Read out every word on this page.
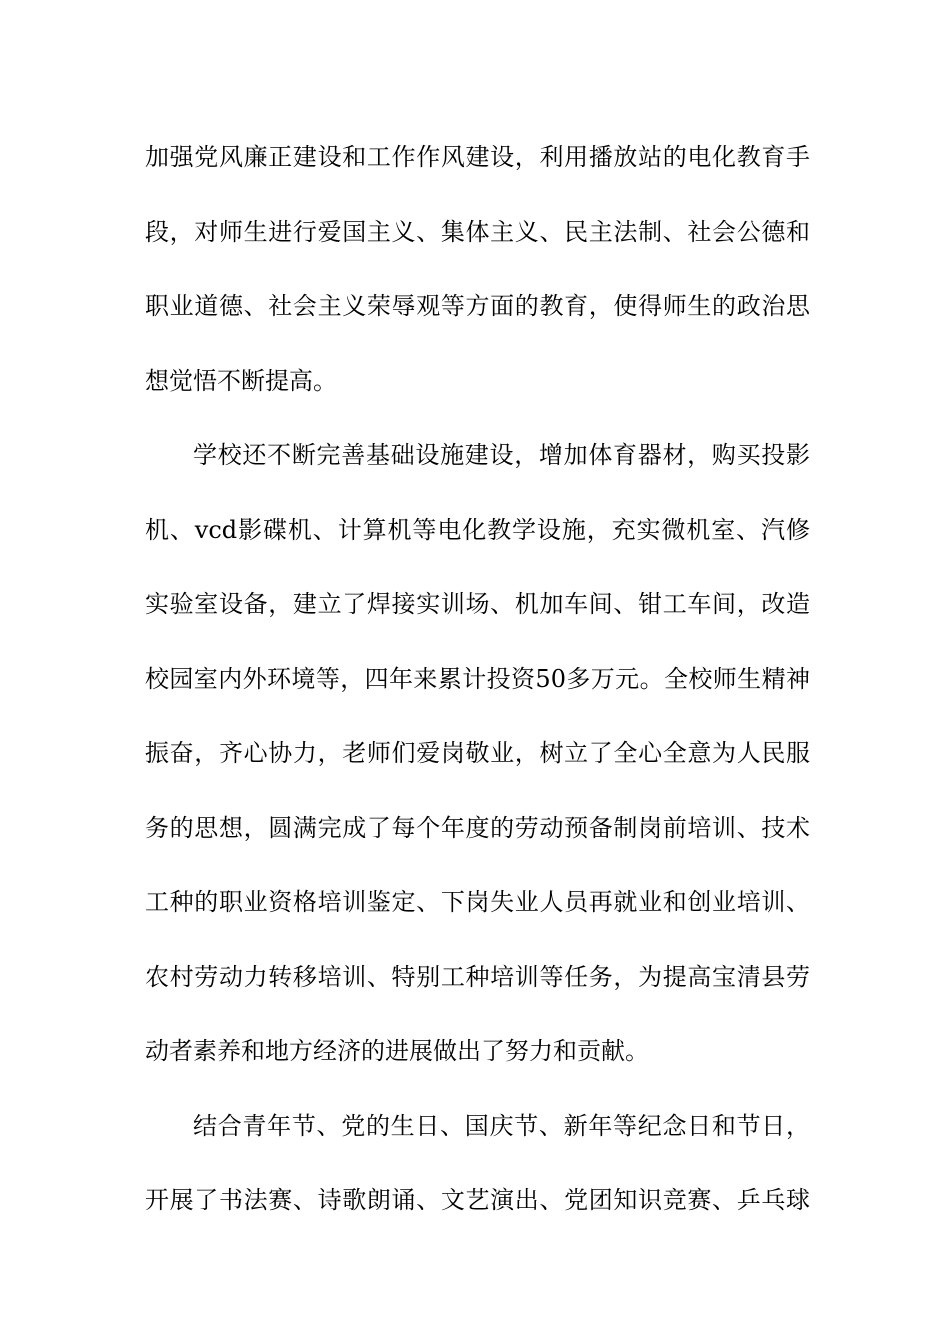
加强党风廉正建设和工作作风建设，利用播放站的电化教育手
段，对师生进行爱国主义、集体主义、民主法制、社会公德和
职业道德、社会主义荣辱观等方面的教育，使得师生的政治思
想觉悟不断提高。
学校还不断完善基础设施建设，增加体育器材，购买投影
机、vcd影碟机、计算机等电化教学设施，充实微机室、汽修
实验室设备，建立了焊接实训场、机加车间、钳工车间，改造
校园室内外环境等，四年来累计投资50多万元。全校师生精神
振奋，齐心协力，老师们爱岗敬业，树立了全心全意为人民服
务的思想，圆满完成了每个年度的劳动预备制岗前培训、技术
工种的职业资格培训鉴定、下岗失业人员再就业和创业培训、
农村劳动力转移培训、特别工种培训等任务，为提高宝清县劳
动者素养和地方经济的进展做出了努力和贡献。
结合青年节、党的生日、国庆节、新年等纪念日和节日，
开展了书法赛、诗歌朗诵、文艺演出、党团知识竞赛、乒乓球
